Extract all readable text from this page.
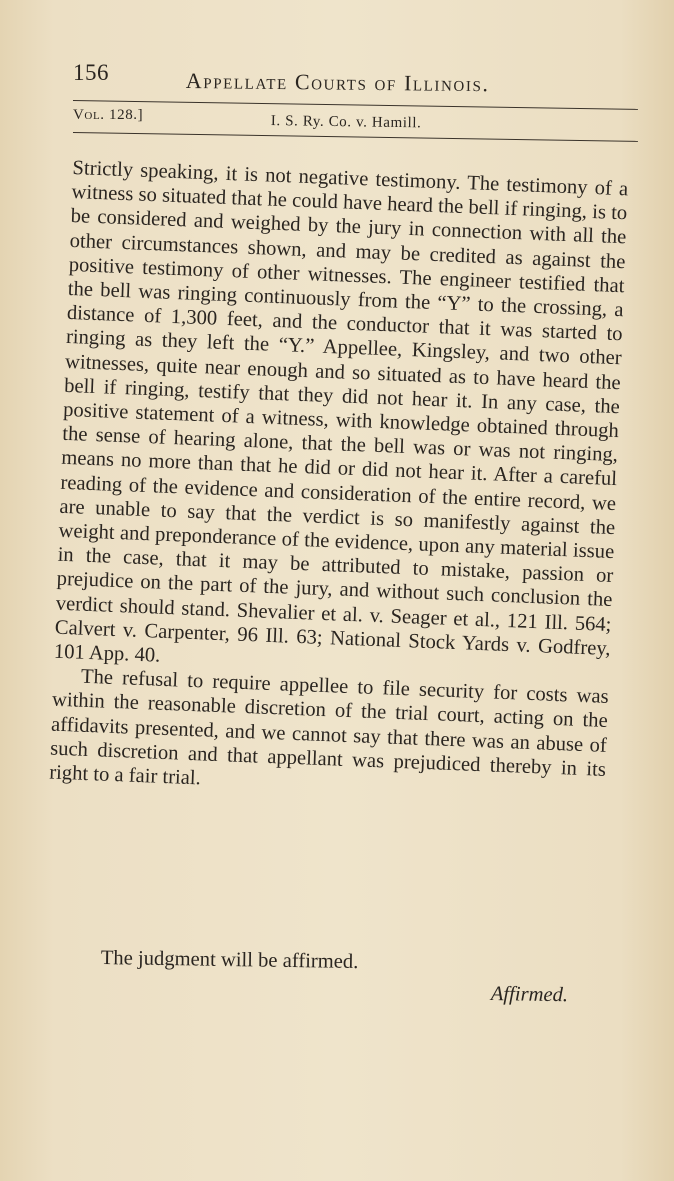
156	Appellate Courts of Illinois.
Vol. 128.]	I. S. Ry. Co. v. Hamill.

Strictly speaking, it is not negative testimony. The testimony of a witness so situated that he could have heard the bell if ringing, is to be considered and weighed by the jury in connection with all the other circumstances shown, and may be credited as against the positive testimony of other witnesses. The engineer testified that the bell was ringing continuously from the “Y” to the crossing, a distance of 1,300 feet, and the conductor that it was started to ringing as they left the “Y.” Appellee, Kingsley, and two other witnesses, quite near enough and so situated as to have heard the bell if ringing, testify that they did not hear it. In any case, the positive statement of a witness, with knowledge obtained through the sense of hearing alone, that the bell was or was not ringing, means no more than that he did or did not hear it. After a careful reading of the evidence and consideration of the entire record, we are unable to say that the verdict is so manifestly against the weight and preponderance of the evidence, upon any material issue in the case, that it may be attributed to mistake, passion or prejudice on the part of the jury, and without such conclusion the verdict should stand. Shevalier et al. v. Seager et al., 121 Ill. 564; Calvert v. Carpenter, 96 Ill. 63; National Stock Yards v. Godfrey, 101 App. 40.

The refusal to require appellee to file security for costs was within the reasonable discretion of the trial court, acting on the affidavits presented, and we cannot say that there was an abuse of such discretion and that appellant was prejudiced thereby in its right to a fair trial.

The judgment will be affirmed.
Affirmed.
